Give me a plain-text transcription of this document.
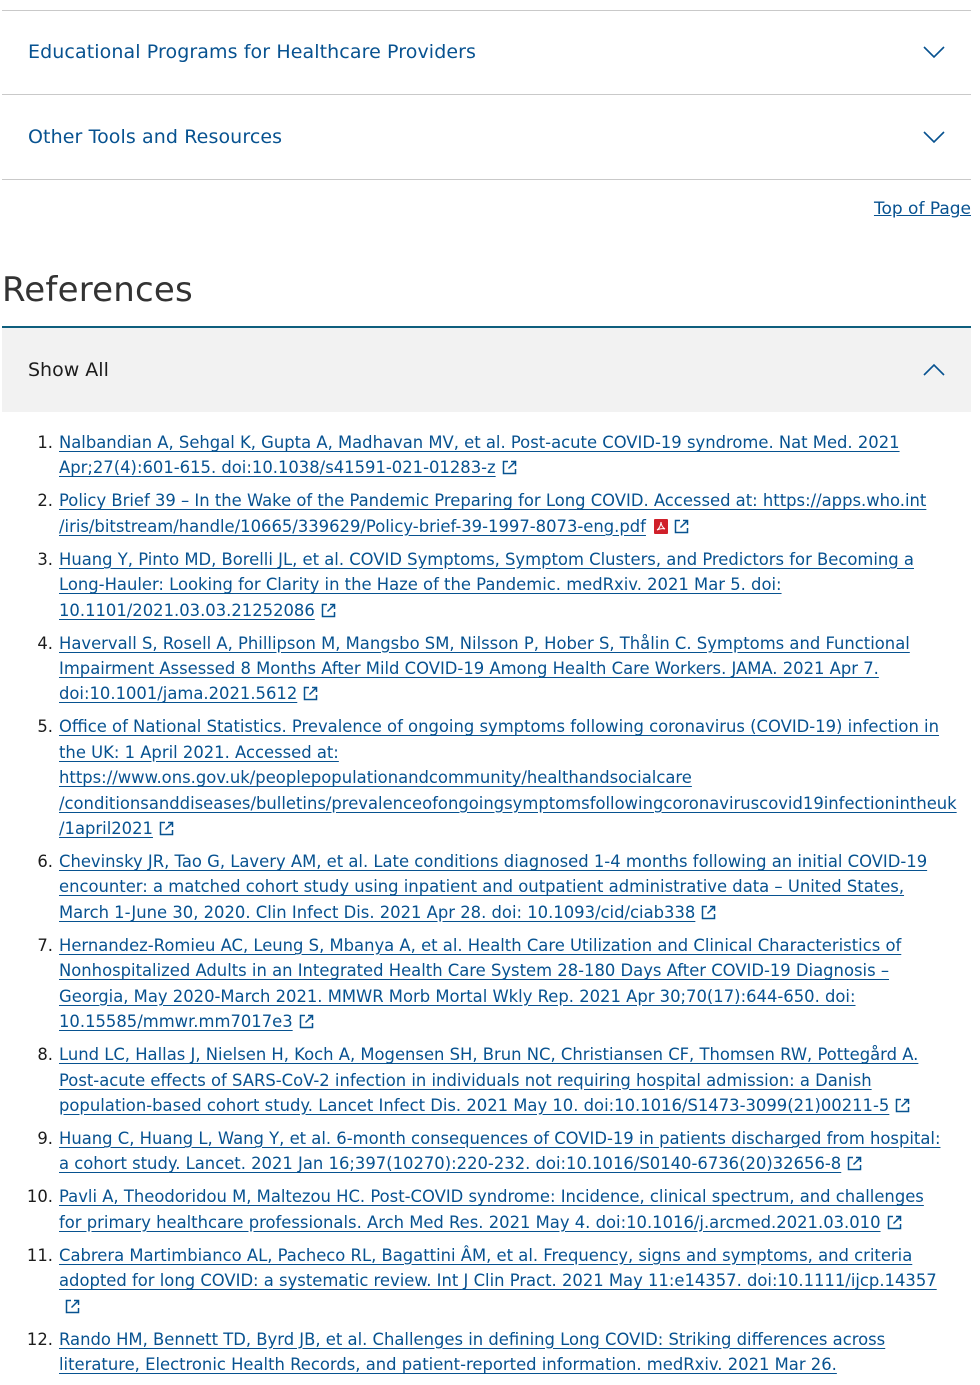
Educational Programs for Healthcare Providers
Other Tools and Resources
Top of Page
References
Show All
1. Nalbandian A, Sehgal K, Gupta A, Madhavan MV, et al. Post-acute COVID-19 syndrome. Nat Med. 2021 Apr;27(4):601-615. doi:10.1038/s41591-021-01283-z
2. Policy Brief 39 – In the Wake of the Pandemic Preparing for Long COVID. Accessed at: https://apps.who.int /iris/bitstream/handle/10665/339629/Policy-brief-39-1997-8073-eng.pdf
3. Huang Y, Pinto MD, Borelli JL, et al. COVID Symptoms, Symptom Clusters, and Predictors for Becoming a Long-Hauler: Looking for Clarity in the Haze of the Pandemic. medRxiv. 2021 Mar 5. doi: 10.1101/2021.03.03.21252086
4. Havervall S, Rosell A, Phillipson M, Mangsbo SM, Nilsson P, Hober S, Thålin C. Symptoms and Functional Impairment Assessed 8 Months After Mild COVID-19 Among Health Care Workers. JAMA. 2021 Apr 7. doi:10.1001/jama.2021.5612
5. Office of National Statistics. Prevalence of ongoing symptoms following coronavirus (COVID-19) infection in the UK: 1 April 2021. Accessed at: https://www.ons.gov.uk/peoplepopulationandcommunity/healthandsocialcare /conditionsanddiseases/bulletins/prevalenceofongoingsymptomsfollowingcoronaviruscovid19infectionintheuk /1april2021
6. Chevinsky JR, Tao G, Lavery AM, et al. Late conditions diagnosed 1-4 months following an initial COVID-19 encounter: a matched cohort study using inpatient and outpatient administrative data – United States, March 1-June 30, 2020. Clin Infect Dis. 2021 Apr 28. doi: 10.1093/cid/ciab338
7. Hernandez-Romieu AC, Leung S, Mbanya A, et al. Health Care Utilization and Clinical Characteristics of Nonhospitalized Adults in an Integrated Health Care System 28-180 Days After COVID-19 Diagnosis – Georgia, May 2020-March 2021. MMWR Morb Mortal Wkly Rep. 2021 Apr 30;70(17):644-650. doi: 10.15585/mmwr.mm7017e3
8. Lund LC, Hallas J, Nielsen H, Koch A, Mogensen SH, Brun NC, Christiansen CF, Thomsen RW, Pottegård A. Post-acute effects of SARS-CoV-2 infection in individuals not requiring hospital admission: a Danish population-based cohort study. Lancet Infect Dis. 2021 May 10. doi:10.1016/S1473-3099(21)00211-5
9. Huang C, Huang L, Wang Y, et al. 6-month consequences of COVID-19 in patients discharged from hospital: a cohort study. Lancet. 2021 Jan 16;397(10270):220-232. doi:10.1016/S0140-6736(20)32656-8
10. Pavli A, Theodoridou M, Maltezou HC. Post-COVID syndrome: Incidence, clinical spectrum, and challenges for primary healthcare professionals. Arch Med Res. 2021 May 4. doi:10.1016/j.arcmed.2021.03.010
11. Cabrera Martimbianco AL, Pacheco RL, Bagattini ÂM, et al. Frequency, signs and symptoms, and criteria adopted for long COVID: a systematic review. Int J Clin Pract. 2021 May 11:e14357. doi:10.1111/ijcp.14357
12. Rando HM, Bennett TD, Byrd JB, et al. Challenges in defining Long COVID: Striking differences across literature, Electronic Health Records, and patient-reported information. medRxiv. 2021 Mar 26.
